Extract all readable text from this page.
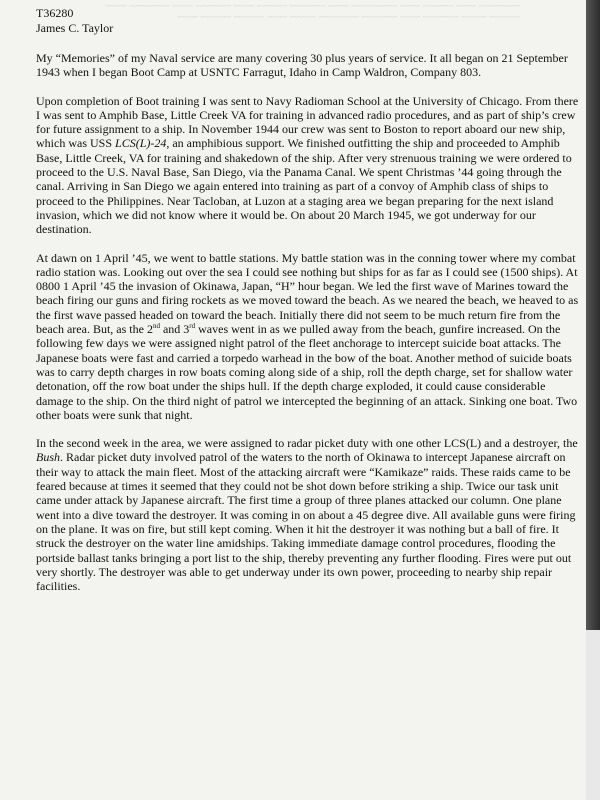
~~~~~~~~ ~~~~ ~~~~~~ ~~~~ ~~~~~~~~~ ~~~~ ~~~~~~~ ~~~~~~ ~~~~ ~~~~~~~ ~~~~ ~~~~~~~~ ~~~~ ~~~~~~ ~~~~~ ~~~~~~~ ~~~~ ~~~~~~~ ~~~~~~~~ ~~~~~ ~~~~ ~~~~~~ ~~~~~~ ~~~~

T36280

James C. Taylor

My “Memories” of my Naval service are many covering 30 plus years of service. It all began on 21 September 1943 when I began Boot Camp at USNTC Farragut, Idaho in Camp Waldron, Company 803.

Upon completion of Boot training I was sent to Navy Radioman School at the University of Chicago. From there I was sent to Amphib Base, Little Creek VA for training in advanced radio procedures, and as part of ship’s crew for future assignment to a ship. In November 1944 our crew was sent to Boston to report aboard our new ship, which was USS LCS(L)-24, an amphibious support. We finished outfitting the ship and proceeded to Amphib Base, Little Creek, VA for training and shakedown of the ship. After very strenuous training we were ordered to proceed to the U.S. Naval Base, San Diego, via the Panama Canal. We spent Christmas ’44 going through the canal. Arriving in San Diego we again entered into training as part of a convoy of Amphib class of ships to proceed to the Philippines. Near Tacloban, at Luzon at a staging area we began preparing for the next island invasion, which we did not know where it would be. On about 20 March 1945, we got underway for our destination.

At dawn on 1 April ’45, we went to battle stations. My battle station was in the conning tower where my combat radio station was. Looking out over the sea I could see nothing but ships for as far as I could see (1500 ships). At 0800 1 April ’45 the invasion of Okinawa, Japan, “H” hour began. We led the first wave of Marines toward the beach firing our guns and firing rockets as we moved toward the beach. As we neared the beach, we heaved to as the first wave passed headed on toward the beach. Initially there did not seem to be much return fire from the beach area. But, as the 2nd and 3rd waves went in as we pulled away from the beach, gunfire increased. On the following few days we were assigned night patrol of the fleet anchorage to intercept suicide boat attacks. The Japanese boats were fast and carried a torpedo warhead in the bow of the boat. Another method of suicide boats was to carry depth charges in row boats coming along side of a ship, roll the depth charge, set for shallow water detonation, off the row boat under the ships hull. If the depth charge exploded, it could cause considerable damage to the ship. On the third night of patrol we intercepted the beginning of an attack. Sinking one boat. Two other boats were sunk that night.

In the second week in the area, we were assigned to radar picket duty with one other LCS(L) and a destroyer, the Bush. Radar picket duty involved patrol of the waters to the north of Okinawa to intercept Japanese aircraft on their way to attack the main fleet. Most of the attacking aircraft were “Kamikaze” raids. These raids came to be feared because at times it seemed that they could not be shot down before striking a ship. Twice our task unit came under attack by Japanese aircraft. The first time a group of three planes attacked our column. One plane went into a dive toward the destroyer. It was coming in on about a 45 degree dive. All available guns were firing on the plane. It was on fire, but still kept coming. When it hit the destroyer it was nothing but a ball of fire. It struck the destroyer on the water line amidships. Taking immediate damage control procedures, flooding the portside ballast tanks bringing a port list to the ship, thereby preventing any further flooding. Fires were put out very shortly. The destroyer was able to get underway under its own power, proceeding to nearby ship repair facilities.
